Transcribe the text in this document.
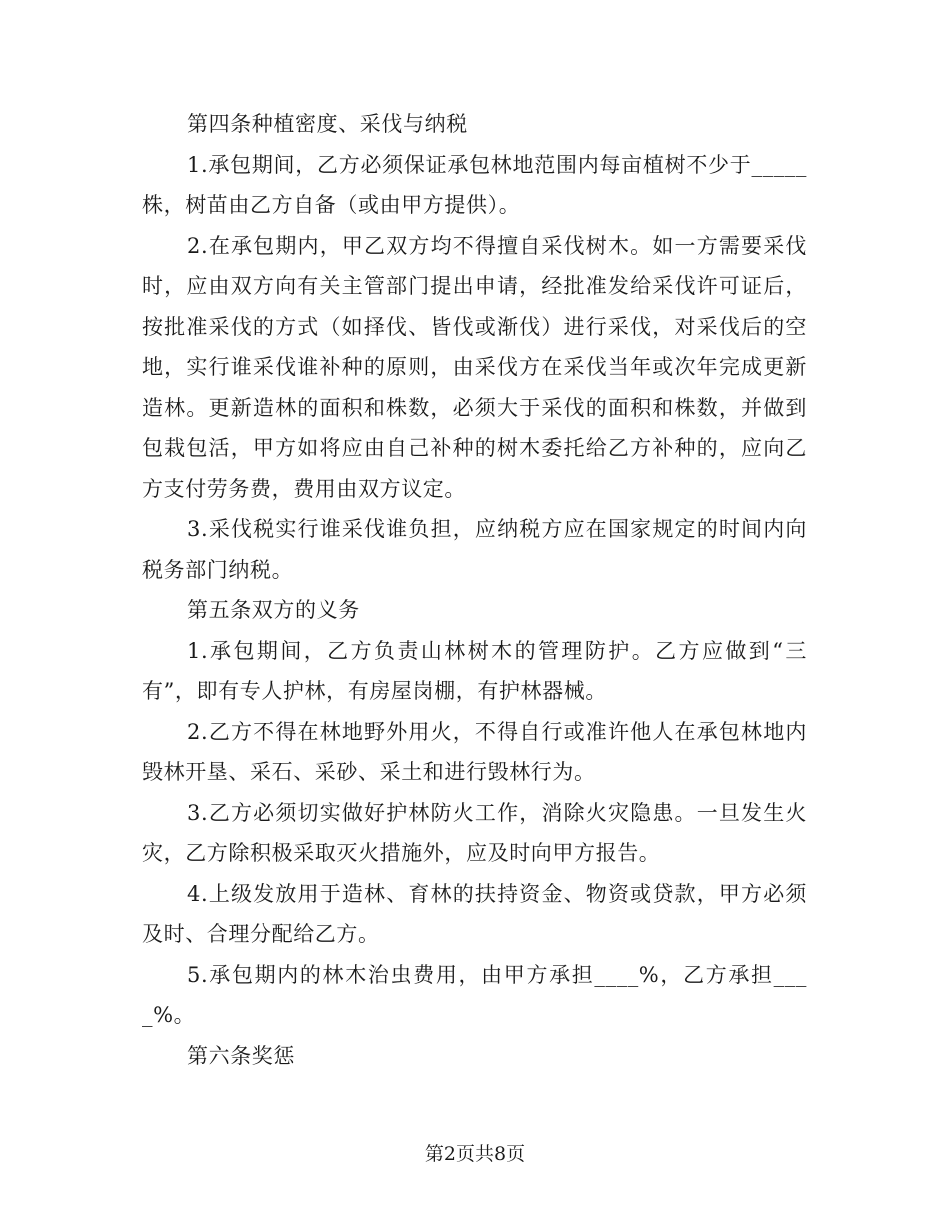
第四条种植密度、采伐与纳税

1.承包期间，乙方必须保证承包林地范围内每亩植树不少于_____株，树苗由乙方自备（或由甲方提供）。

2.在承包期内，甲乙双方均不得擅自采伐树木。如一方需要采伐时，应由双方向有关主管部门提出申请，经批准发给采伐许可证后，按批准采伐的方式（如择伐、皆伐或渐伐）进行采伐，对采伐后的空地，实行谁采伐谁补种的原则，由采伐方在采伐当年或次年完成更新造林。更新造林的面积和株数，必须大于采伐的面积和株数，并做到包栽包活，甲方如将应由自己补种的树木委托给乙方补种的，应向乙方支付劳务费，费用由双方议定。

3.采伐税实行谁采伐谁负担，应纳税方应在国家规定的时间内向税务部门纳税。

第五条双方的义务

1.承包期间，乙方负责山林树木的管理防护。乙方应做到“三有”，即有专人护林，有房屋岗棚，有护林器械。

2.乙方不得在林地野外用火，不得自行或准许他人在承包林地内毁林开垦、采石、采砂、采土和进行毁林行为。

3.乙方必须切实做好护林防火工作，消除火灾隐患。一旦发生火灾，乙方除积极采取灭火措施外，应及时向甲方报告。

4.上级发放用于造林、育林的扶持资金、物资或贷款，甲方必须及时、合理分配给乙方。

5.承包期内的林木治虫费用，由甲方承担____%，乙方承担____%。

第六条奖惩

第2页共8页
